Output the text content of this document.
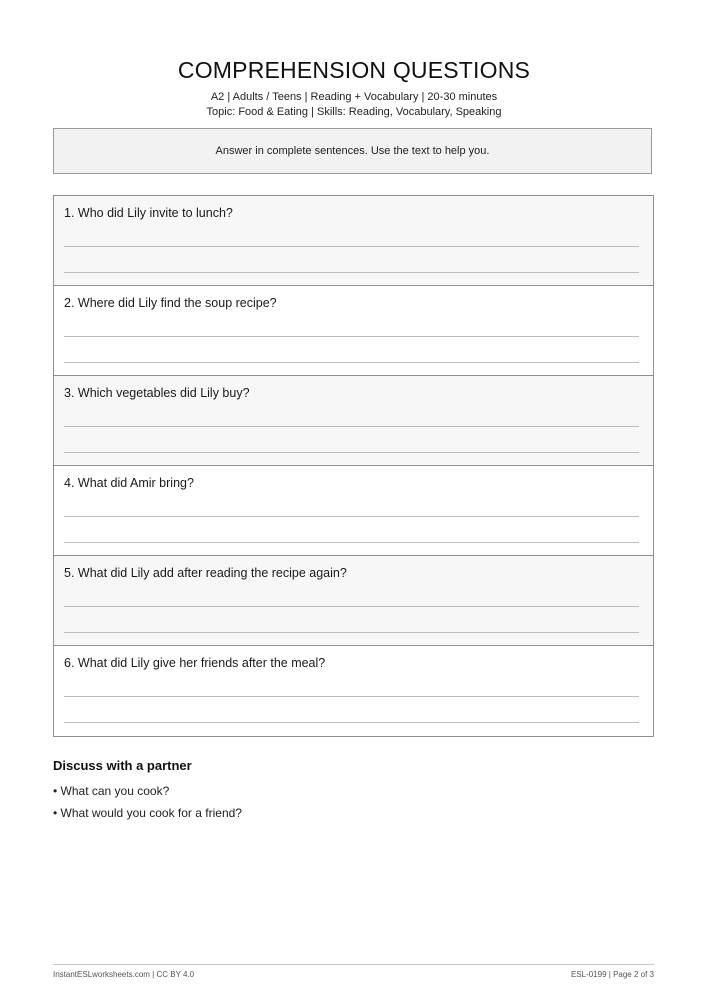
COMPREHENSION QUESTIONS
A2 | Adults / Teens | Reading + Vocabulary | 20-30 minutes
Topic: Food & Eating | Skills: Reading, Vocabulary, Speaking
Answer in complete sentences. Use the text to help you.
1. Who did Lily invite to lunch?
2. Where did Lily find the soup recipe?
3. Which vegetables did Lily buy?
4. What did Amir bring?
5. What did Lily add after reading the recipe again?
6. What did Lily give her friends after the meal?
Discuss with a partner
• What can you cook?
• What would you cook for a friend?
InstantESLworksheets.com | CC BY 4.0	ESL-0199 | Page 2 of 3
